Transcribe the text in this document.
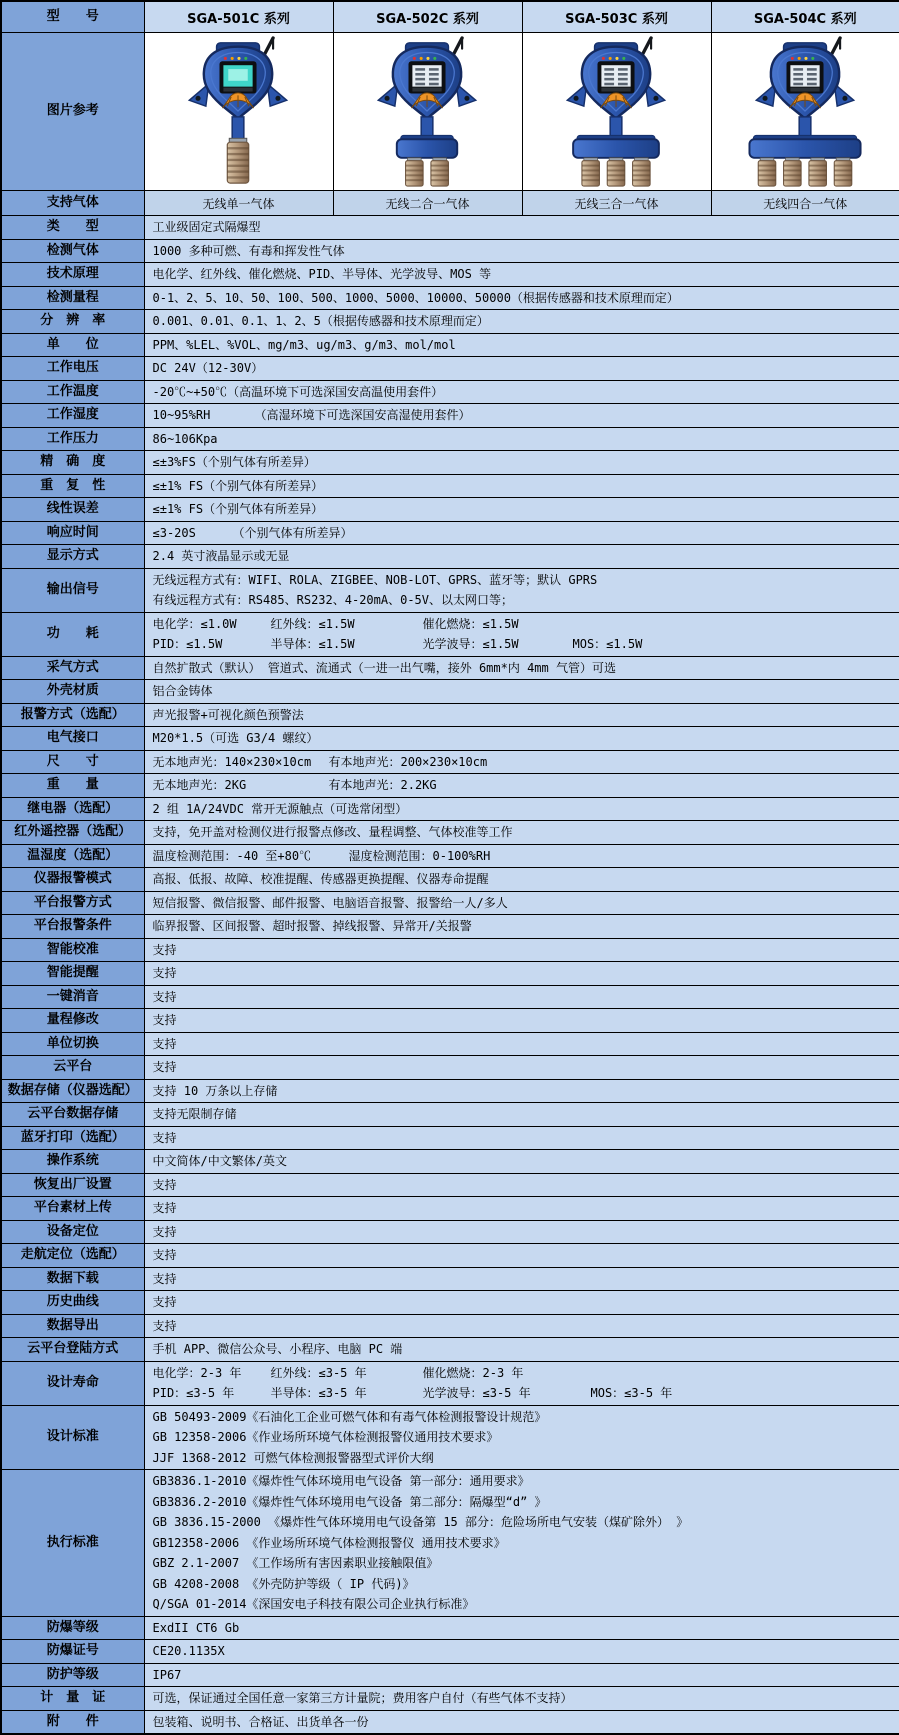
型　　号	SGA-501C 系列	SGA-502C 系列	SGA-503C 系列	SGA-504C 系列
图片参考	

支持气体	无线单一气体	无线二合一气体	无线三合一气体	无线四合一气体
类　　型	工业级固定式隔爆型			
检测气体	1000 多种可燃、有毒和挥发性气体			
技术原理	电化学、红外线、催化燃烧、PID、半导体、光学波导、MOS 等			
检测量程	0-1、2、5、10、50、100、500、1000、5000、10000、50000（根据传感器和技术原理而定）			
分　辨　率	0.001、0.01、0.1、1、2、5（根据传感器和技术原理而定）			
单　　位	PPM、%LEL、%VOL、mg/m3、ug/m3、g/m3、mol/mol			
工作电压	DC 24V（12-30V）			
工作温度	-20℃~+50℃（高温环境下可选深国安高温使用套件）			
工作湿度	10~95%RH （高湿环境下可选深国安高湿使用套件）			

工作压力	86~106Kpa			
精　确　度	≤±3%FS（个别气体有所差异）			
重　复　性	≤±1% FS（个别气体有所差异）			
线性误差	≤±1% FS（个别气体有所差异）			
响应时间	≤3-20S （个别气体有所差异）			

显示方式	2.4 英寸液晶显示或无显			
输出信号	无线远程方式有：WIFI、ROLA、ZIGBEE、NOB-LOT、GPRS、蓝牙等；默认 GPRS
有线远程方式有：RS485、RS232、4-20mA、0-5V、以太网口等；			

功　　耗	电化学：≤1.0W 红外线：≤1.5W 催化燃烧：≤1.5W
PID：≤1.5W 半导体：≤1.5W 光学波导：≤1.5W MOS：≤1.5W			

采气方式	自然扩散式（默认） 管道式、流通式（一进一出气嘴，接外 6mm*内 4mm 气管）可选			
外壳材质	铝合金铸体			
报警方式（选配）	声光报警+可视化颜色预警法			
电气接口	M20*1.5（可选 G3/4 螺纹）			
尺　　寸	无本地声光：140×230×10cm 有本地声光：200×230×10cm			

重　　量	无本地声光：2KG 有本地声光：2.2KG			

继电器（选配）	2 组 1A/24VDC 常开无源触点（可选常闭型）			
红外遥控器（选配）	支持，免开盖对检测仪进行报警点修改、量程调整、气体校准等工作			
温湿度（选配）	温度检测范围：-40 至+80℃ 湿度检测范围：0-100%RH			

仪器报警模式	高报、低报、故障、校准提醒、传感器更换提醒、仪器寿命提醒			
平台报警方式	短信报警、微信报警、邮件报警、电脑语音报警、报警给一人/多人			
平台报警条件	临界报警、区间报警、超时报警、掉线报警、异常开/关报警			
智能校准	支持			
智能提醒	支持			
一键消音	支持			
量程修改	支持			
单位切换	支持			
云平台	支持			
数据存储（仪器选配）	支持 10 万条以上存储			
云平台数据存储	支持无限制存储			
蓝牙打印（选配）	支持			
操作系统	中文简体/中文繁体/英文			
恢复出厂设置	支持			
平台素材上传	支持			
设备定位	支持			
走航定位（选配）	支持			
数据下载	支持			
历史曲线	支持			
数据导出	支持			
云平台登陆方式	手机 APP、微信公众号、小程序、电脑 PC 端			
设计寿命	电化学：2-3 年 红外线：≤3-5 年 催化燃烧：2-3 年
PID：≤3-5 年 半导体：≤3-5 年 光学波导：≤3-5 年 MOS：≤3-5 年			

设计标准	GB 50493-2009《石油化工企业可燃气体和有毒气体检测报警设计规范》
GB 12358-2006《作业场所环境气体检测报警仪通用技术要求》
JJF 1368-2012 可燃气体检测报警器型式评价大纲			

执行标准	
GB3836.1-2010《爆炸性气体环境用电气设备 第一部分：通用要求》
GB3836.2-2010《爆炸性气体环境用电气设备 第二部分：隔爆型“d” 》
GB 3836.15-2000 《爆炸性气体环境用电气设备第 15 部分：危险场所电气安装（煤矿除外） 》
GB12358-2006 《作业场所环境气体检测报警仪 通用技术要求》
GBZ 2.1-2007 《工作场所有害因素职业接触限值》
GB 4208-2008 《外壳防护等级（ IP 代码)》
Q/SGA 01-2014《深国安电子科技有限公司企业执行标准》

防爆等级	ExdII CT6 Gb			
防爆证号	CE20.1135X			
防护等级	IP67			
计　量　证	可选，保证通过全国任意一家第三方计量院；费用客户自付（有些气体不支持）			
附　　件	包装箱、说明书、合格证、出货单各一份			
